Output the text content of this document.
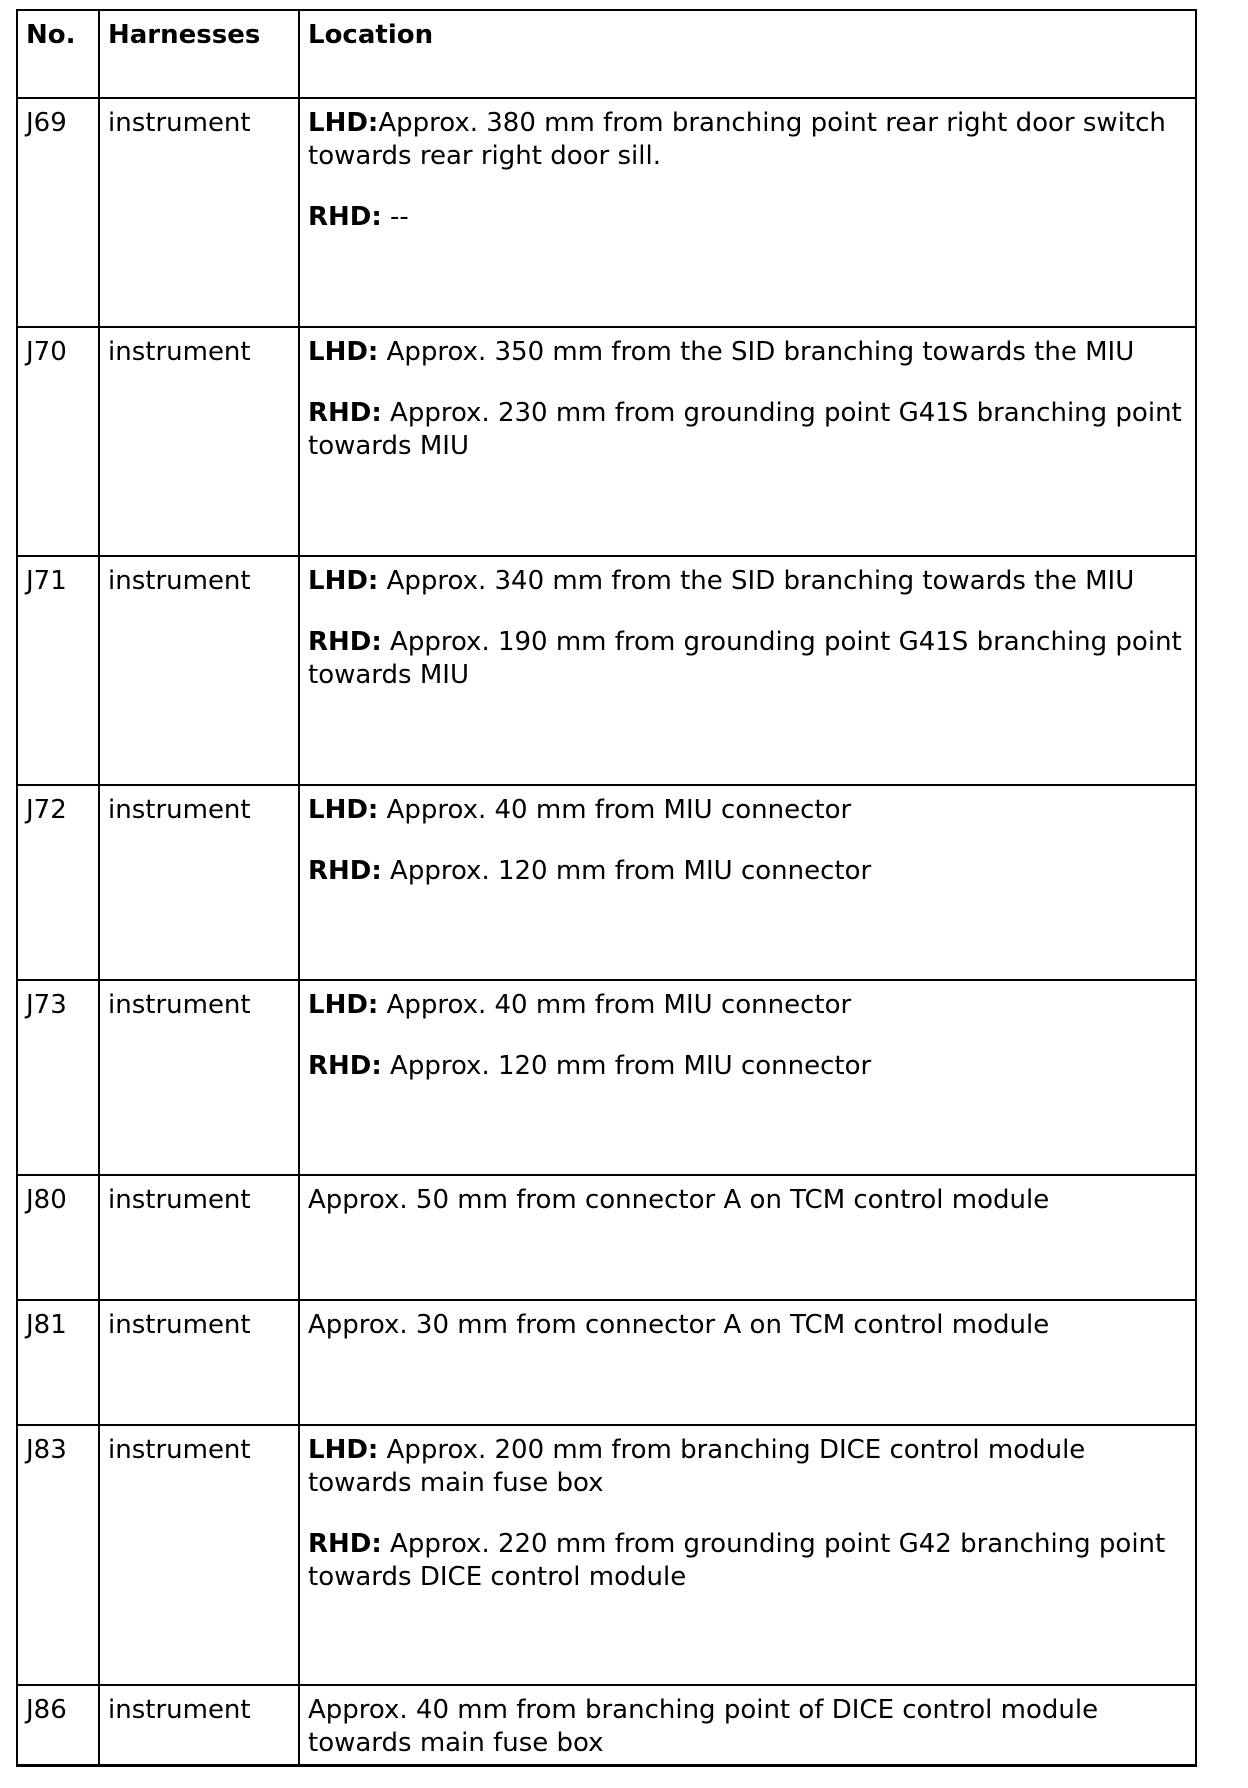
No.	Harnesses	Location
J69	instrument	LHD:Approx. 380 mm from branching point rear right door switch towards rear right door sill.

RHD: --

J70	instrument	LHD: Approx. 350 mm from the SID branching towards the MIU

RHD: Approx. 230 mm from grounding point G41S branching point towards MIU

J71	instrument	LHD: Approx. 340 mm from the SID branching towards the MIU

RHD: Approx. 190 mm from grounding point G41S branching point towards MIU

J72	instrument	LHD: Approx. 40 mm from MIU connector

RHD: Approx. 120 mm from MIU connector

J73	instrument	LHD: Approx. 40 mm from MIU connector

RHD: Approx. 120 mm from MIU connector

J80	instrument	Approx. 50 mm from connector A on TCM control module

J81	instrument	Approx. 30 mm from connector A on TCM control module

J83	instrument	LHD: Approx. 200 mm from branching DICE control module towards main fuse box

RHD: Approx. 220 mm from grounding point G42 branching point towards DICE control module

J86	instrument	Approx. 40 mm from branching point of DICE control module towards main fuse box
